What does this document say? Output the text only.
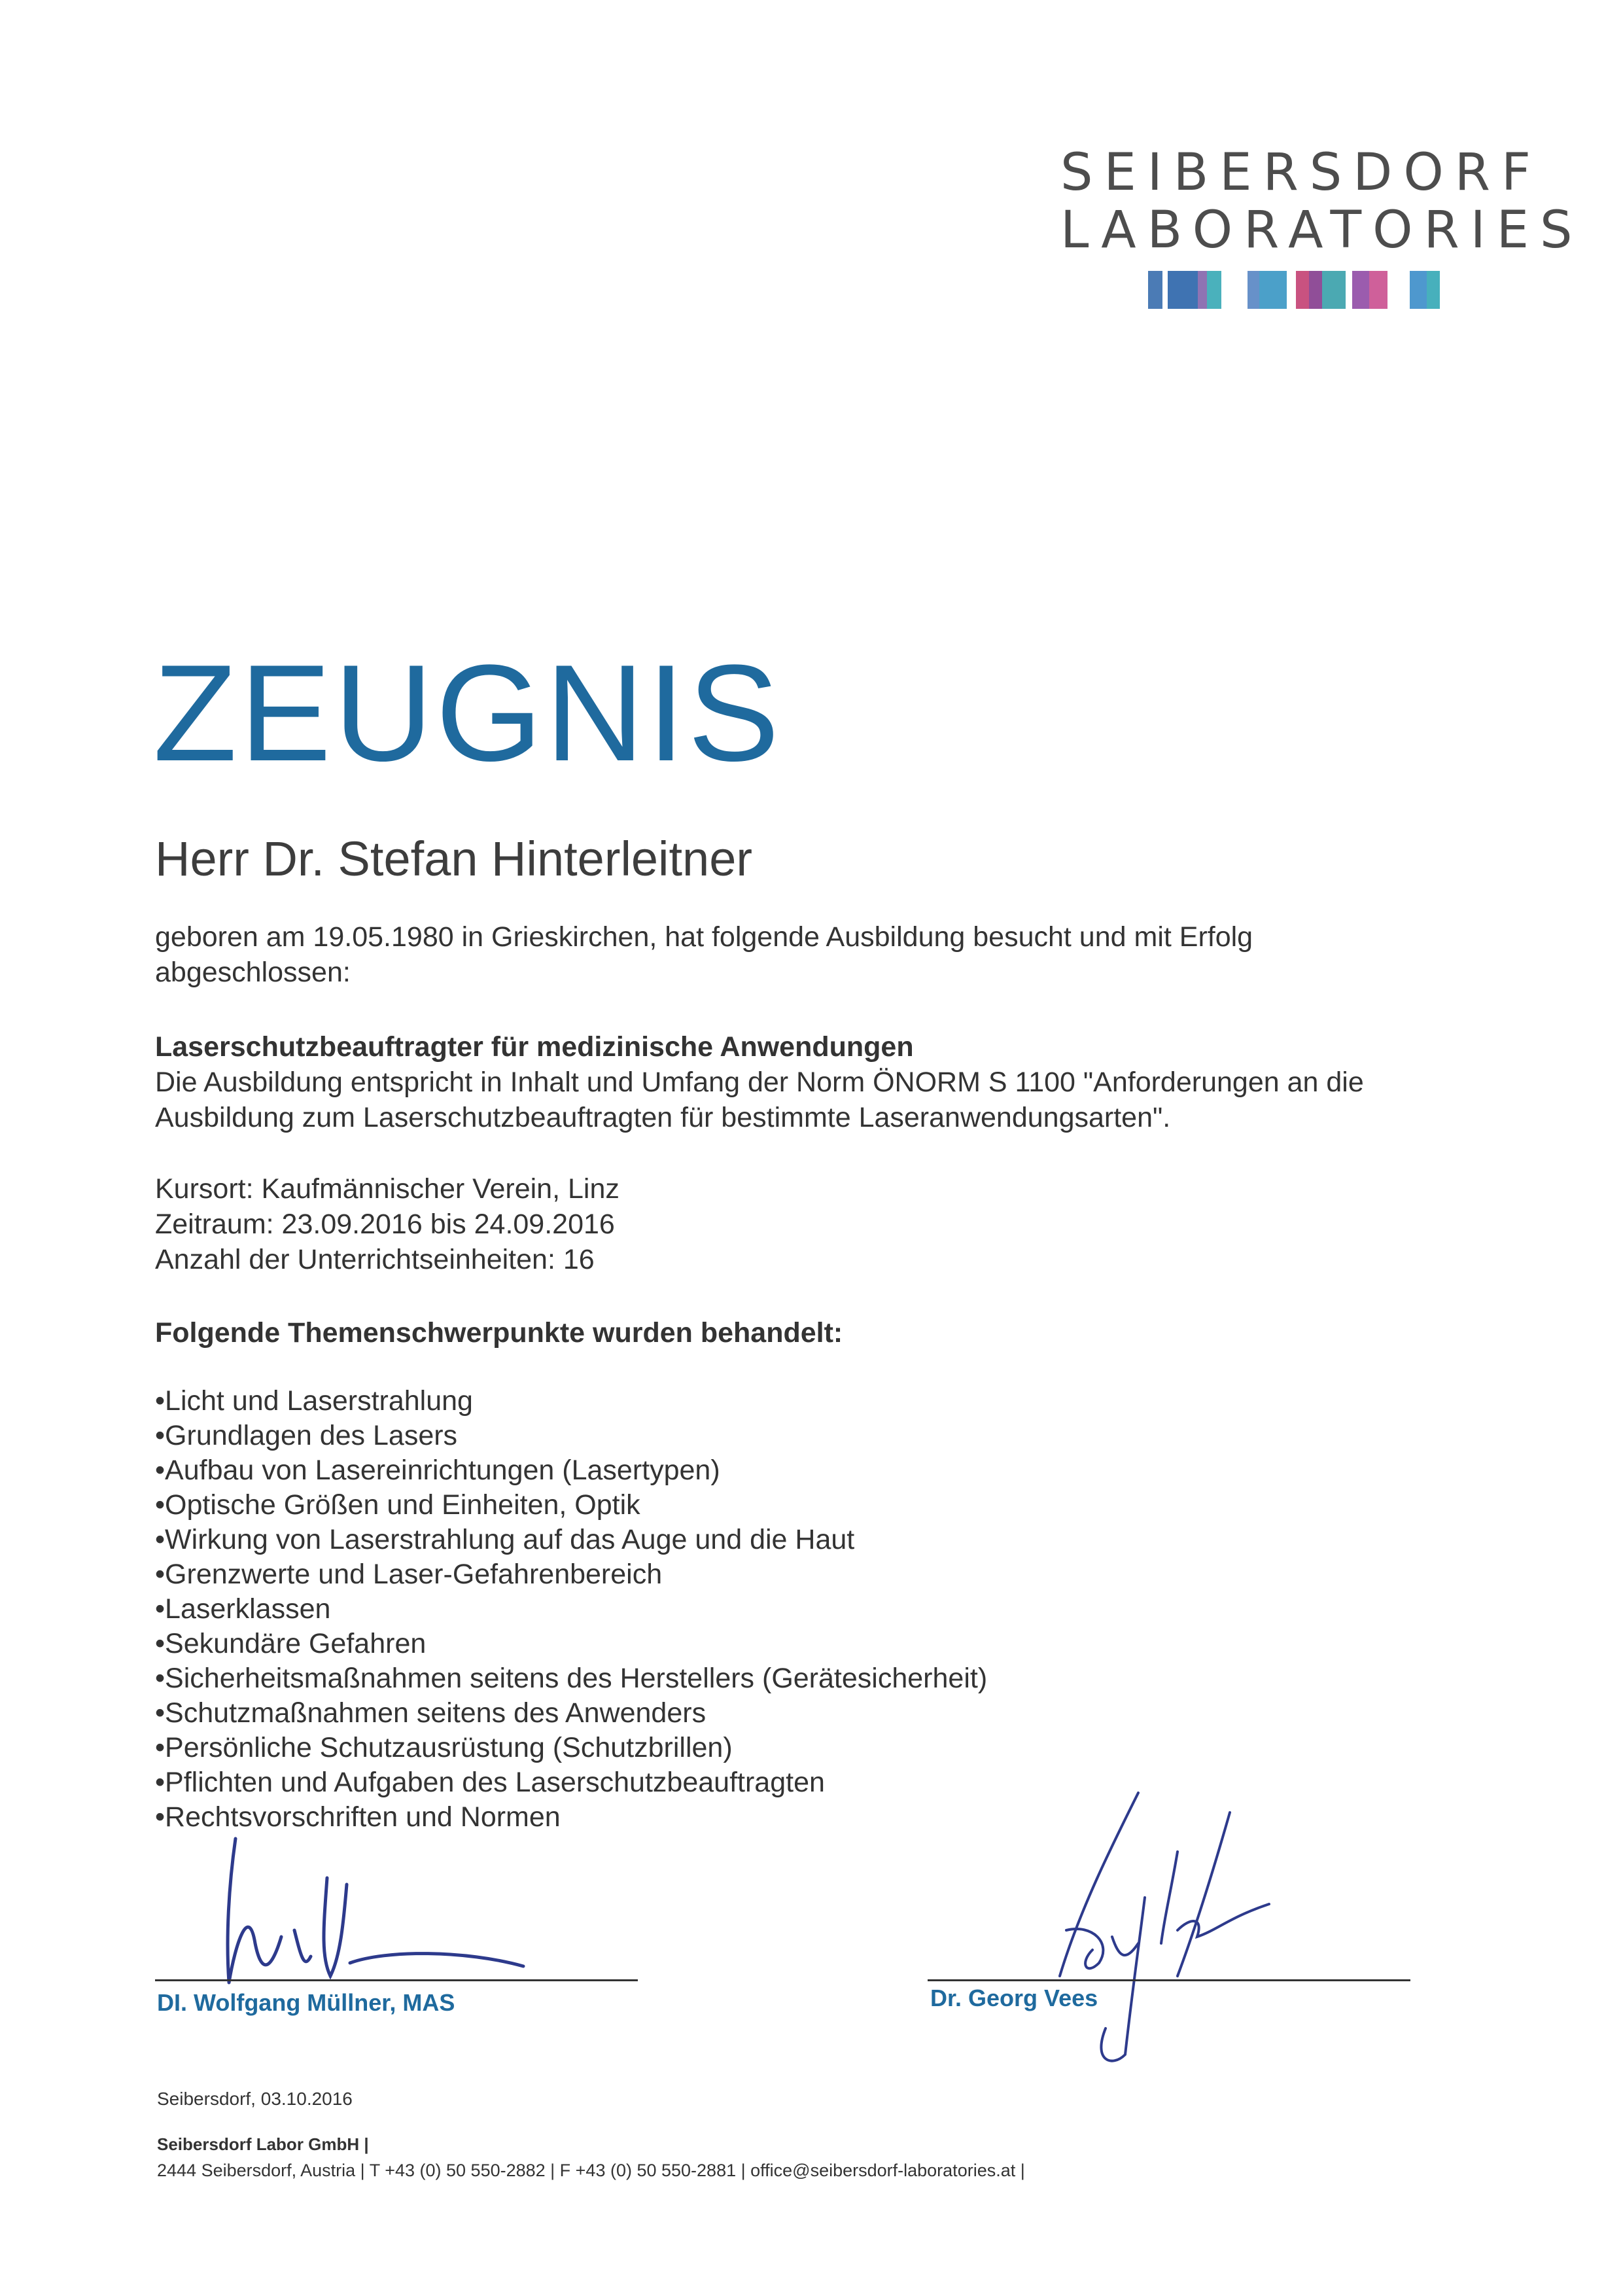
SEIBERSDORF
LABORATORIES
ZEUGNIS
Herr Dr. Stefan Hinterleitner
geboren am 19.05.1980 in Grieskirchen, hat folgende Ausbildung besucht und mit Erfolg
abgeschlossen:
Laserschutzbeauftragter für medizinische Anwendungen
Die Ausbildung entspricht in Inhalt und Umfang der Norm ÖNORM S 1100 "Anforderungen an die
Ausbildung zum Laserschutzbeauftragten für bestimmte Laseranwendungsarten".
Kursort: Kaufmännischer Verein, Linz
Zeitraum: 23.09.2016 bis 24.09.2016
Anzahl der Unterrichtseinheiten: 16
Folgende Themenschwerpunkte wurden behandelt:
•Licht und Laserstrahlung
•Grundlagen des Lasers
•Aufbau von Lasereinrichtungen (Lasertypen)
•Optische Größen und Einheiten, Optik
•Wirkung von Laserstrahlung auf das Auge und die Haut
•Grenzwerte und Laser-Gefahrenbereich
•Laserklassen
•Sekundäre Gefahren
•Sicherheitsmaßnahmen seitens des Herstellers (Gerätesicherheit)
•Schutzmaßnahmen seitens des Anwenders
•Persönliche Schutzausrüstung (Schutzbrillen)
•Pflichten und Aufgaben des Laserschutzbeauftragten
•Rechtsvorschriften und Normen
DI. Wolfgang Müllner, MAS	Dr. Georg Vees
Seibersdorf, 03.10.2016
Seibersdorf Labor GmbH |
2444 Seibersdorf, Austria | T +43 (0) 50 550-2882 | F +43 (0) 50 550-2881 | office@seibersdorf-laboratories.at |
